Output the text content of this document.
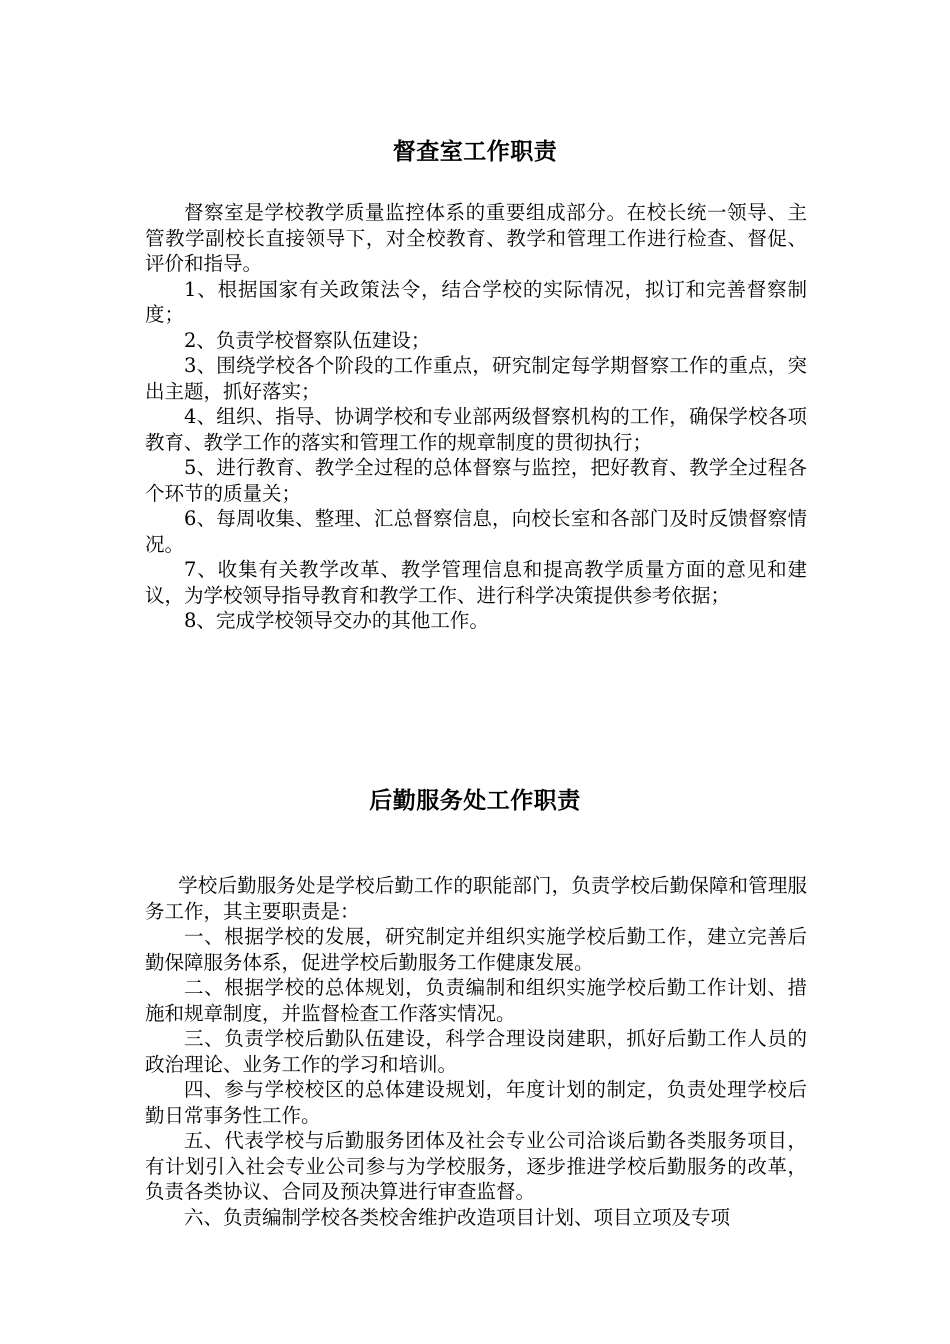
督查室工作职责

督察室是学校教学质量监控体系的重要组成部分。在校长统一领导、主管教学副校长直接领导下，对全校教育、教学和管理工作进行检查、督促、评价和指导。

1、根据国家有关政策法令，结合学校的实际情况，拟订和完善督察制度；

2、负责学校督察队伍建设；

3、围绕学校各个阶段的工作重点，研究制定每学期督察工作的重点，突出主题，抓好落实；

4、组织、指导、协调学校和专业部两级督察机构的工作，确保学校各项教育、教学工作的落实和管理工作的规章制度的贯彻执行；

5、进行教育、教学全过程的总体督察与监控，把好教育、教学全过程各个环节的质量关；

6、每周收集、整理、汇总督察信息，向校长室和各部门及时反馈督察情况。

7、收集有关教学改革、教学管理信息和提高教学质量方面的意见和建议，为学校领导指导教育和教学工作、进行科学决策提供参考依据；

8、完成学校领导交办的其他工作。

后勤服务处工作职责

学校后勤服务处是学校后勤工作的职能部门，负责学校后勤保障和管理服务工作，其主要职责是：

一、根据学校的发展，研究制定并组织实施学校后勤工作，建立完善后勤保障服务体系，促进学校后勤服务工作健康发展。

二、根据学校的总体规划，负责编制和组织实施学校后勤工作计划、措施和规章制度，并监督检查工作落实情况。

三、负责学校后勤队伍建设，科学合理设岗建职，抓好后勤工作人员的政治理论、业务工作的学习和培训。

四、参与学校校区的总体建设规划，年度计划的制定，负责处理学校后勤日常事务性工作。

五、代表学校与后勤服务团体及社会专业公司洽谈后勤各类服务项目，有计划引入社会专业公司参与为学校服务，逐步推进学校后勤服务的改革，负责各类协议、合同及预决算进行审查监督。

六、负责编制学校各类校舍维护改造项目计划、项目立项及专项
